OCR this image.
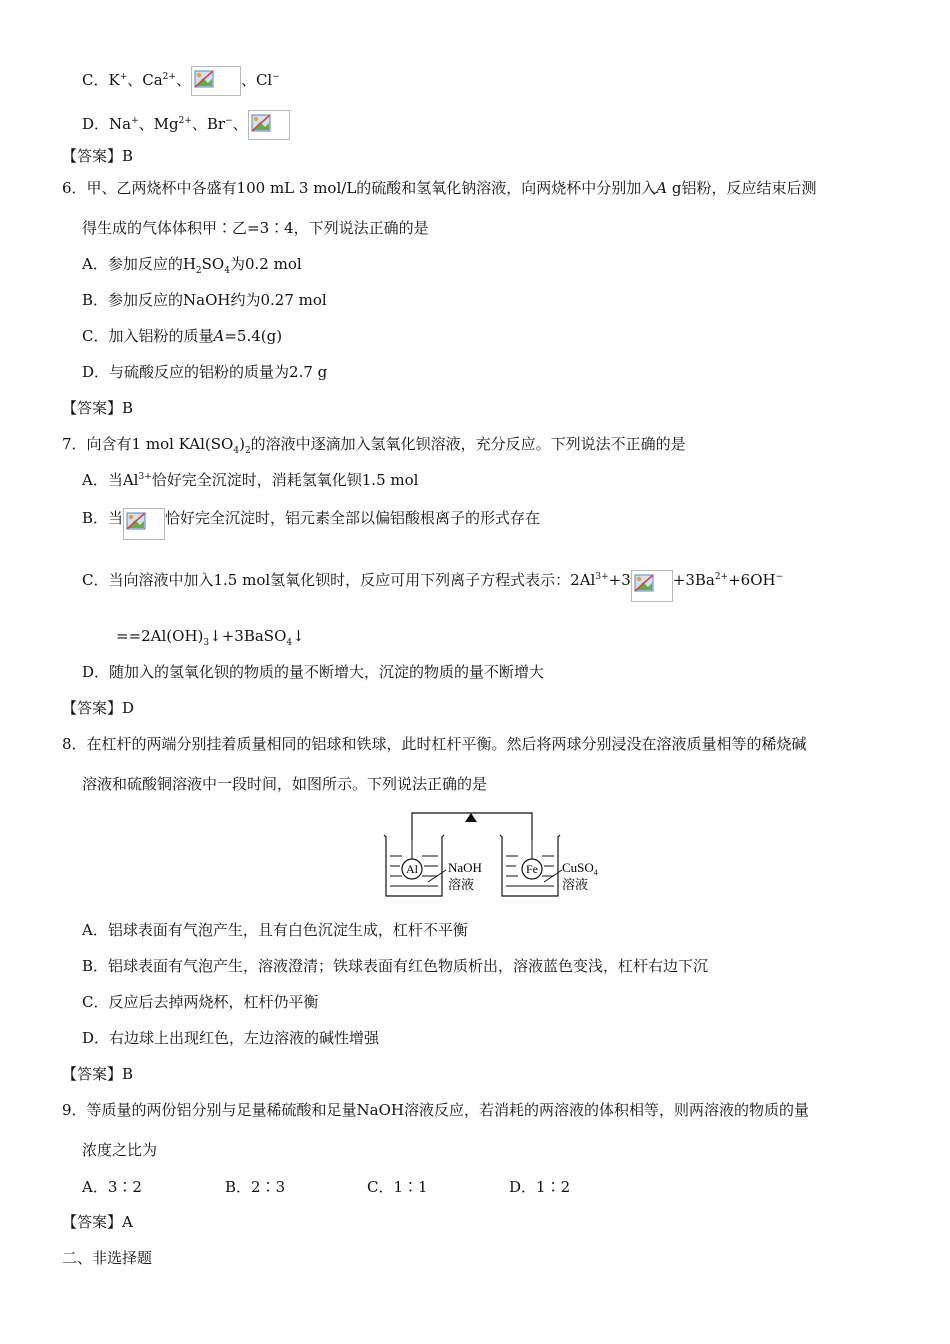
C．K+、$Ca^{2+}$、	、Cl−
D．Na+、$Mg^{2+}$、Br−、
【答案】B
6．甲、乙两烧杯中各盛有100 mL 3 mol/L的硫酸和氢氧化钠溶液，向两烧杯中分别加入A g铝粉，反应结束后测
得生成的气体体积甲∶乙=3∶4，下列说法正确的是
A．参加反应的$H_2SO_4$为0.2 mol
B．参加反应的NaOH约为0.27 mol
C．加入铝粉的质量A=5.4(g)
D．与硫酸反应的铝粉的质量为2.7 g
【答案】B
7．向含有1 mol $KAl(SO_4)_2$的溶液中逐滴加入氢氧化钡溶液，充分反应。下列说法不正确的是
A．当$Al^{3+}$恰好完全沉淀时，消耗氢氧化钡1.5 mol
B．当	恰好完全沉淀时，铝元素全部以偏铝酸根离子的形式存在
C．当向溶液中加入1.5 mol氢氧化钡时，反应可用下列离子方程式表示：$2Al^{3+}+3$	$+3Ba^{2+}+6OH^-$
$==2Al(OH)_3↓+3BaSO_4↓$
D．随加入的氢氧化钡的物质的量不断增大，沉淀的物质的量不断增大
【答案】D
8．在杠杆的两端分别挂着质量相同的铝球和铁球，此时杠杆平衡。然后将两球分别浸没在溶液质量相等的稀烧碱
溶液和硫酸铜溶液中一段时间，如图所示。下列说法正确的是
Al	Fe
NaOH
溶液
CuSO$_4$
溶液
A．铝球表面有气泡产生，且有白色沉淀生成，杠杆不平衡
B．铝球表面有气泡产生，溶液澄清；铁球表面有红色物质析出，溶液蓝色变浅，杠杆右边下沉
C．反应后去掉两烧杯，杠杆仍平衡
D．右边球上出现红色，左边溶液的碱性增强
【答案】B
9．等质量的两份铝分别与足量稀硫酸和足量NaOH溶液反应，若消耗的两溶液的体积相等，则两溶液的物质的量
浓度之比为
A．3∶2	B．2∶3	C．1∶1	D．1∶2
【答案】A
二、非选择题
